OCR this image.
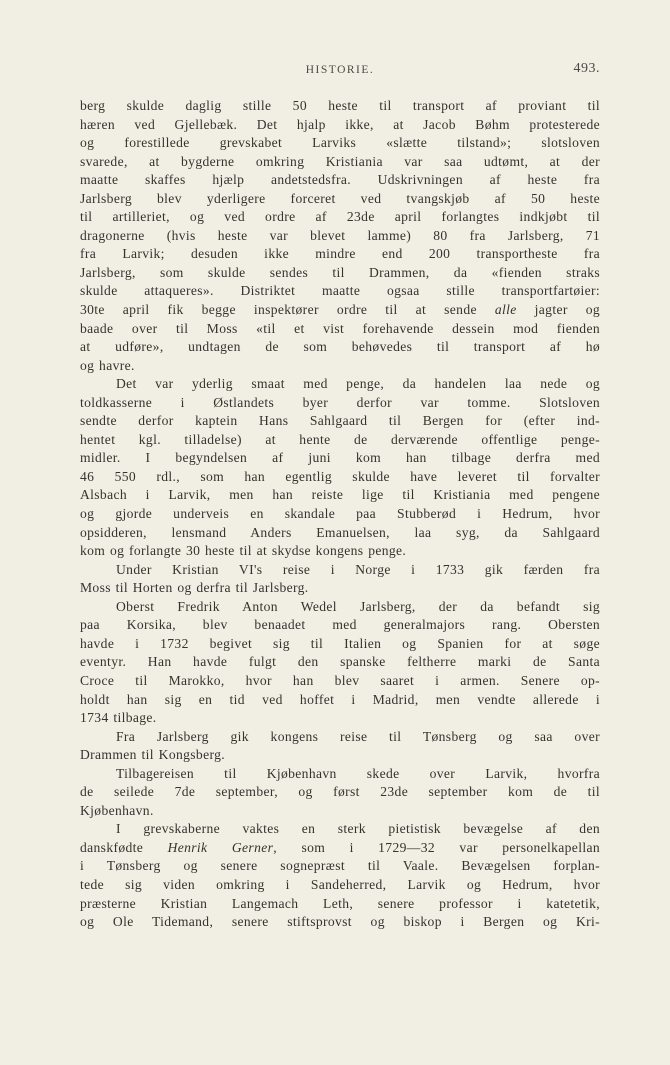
HISTORIE.	493.
berg skulde daglig stille 50 heste til transport af proviant til
hæren ved Gjellebæk. Det hjalp ikke, at Jacob Bøhm protesterede
og forestillede grevskabet Larviks «slætte tilstand»; slotsloven
svarede, at bygderne omkring Kristiania var saa udtømt, at der
maatte skaffes hjælp andetstedsfra. Udskrivningen af heste fra
Jarlsberg blev yderligere forceret ved tvangskjøb af 50 heste
til artilleriet, og ved ordre af 23de april forlangtes indkjøbt til
dragonerne (hvis heste var blevet lamme) 80 fra Jarlsberg, 71
fra Larvik; desuden ikke mindre end 200 transportheste fra
Jarlsberg, som skulde sendes til Drammen, da «fienden straks
skulde attaqueres». Distriktet maatte ogsaa stille transportfartøier:
30te april fik begge inspektører ordre til at sende alle jagter og
baade over til Moss «til et vist forehavende dessein mod fienden
at udføre», undtagen de som behøvedes til transport af hø
og havre.
Det var yderlig smaat med penge, da handelen laa nede og
toldkasserne i Østlandets byer derfor var tomme. Slotsloven
sendte derfor kaptein Hans Sahlgaard til Bergen for (efter ind-
hentet kgl. tilladelse) at hente de derværende offentlige penge-
midler. I begyndelsen af juni kom han tilbage derfra med
46 550 rdl., som han egentlig skulde have leveret til forvalter
Alsbach i Larvik, men han reiste lige til Kristiania med pengene
og gjorde underveis en skandale paa Stubberød i Hedrum, hvor
opsidderen, lensmand Anders Emanuelsen, laa syg, da Sahlgaard
kom og forlangte 30 heste til at skydse kongens penge.
Under Kristian VI's reise i Norge i 1733 gik færden fra
Moss til Horten og derfra til Jarlsberg.
Oberst Fredrik Anton Wedel Jarlsberg, der da befandt sig
paa Korsika, blev benaadet med generalmajors rang. Obersten
havde i 1732 begivet sig til Italien og Spanien for at søge
eventyr. Han havde fulgt den spanske feltherre marki de Santa
Croce til Marokko, hvor han blev saaret i armen. Senere op-
holdt han sig en tid ved hoffet i Madrid, men vendte allerede i
1734 tilbage.
Fra Jarlsberg gik kongens reise til Tønsberg og saa over
Drammen til Kongsberg.
Tilbagereisen til Kjøbenhavn skede over Larvik, hvorfra
de seilede 7de september, og først 23de september kom de til
Kjøbenhavn.
I grevskaberne vaktes en sterk pietistisk bevægelse af den
danskfødte Henrik Gerner, som i 1729—32 var personelkapellan
i Tønsberg og senere sognepræst til Vaale. Bevægelsen forplan-
tede sig viden omkring i Sandeherred, Larvik og Hedrum, hvor
præsterne Kristian Langemach Leth, senere professor i katetetik,
og Ole Tidemand, senere stiftsprovst og biskop i Bergen og Kri-
